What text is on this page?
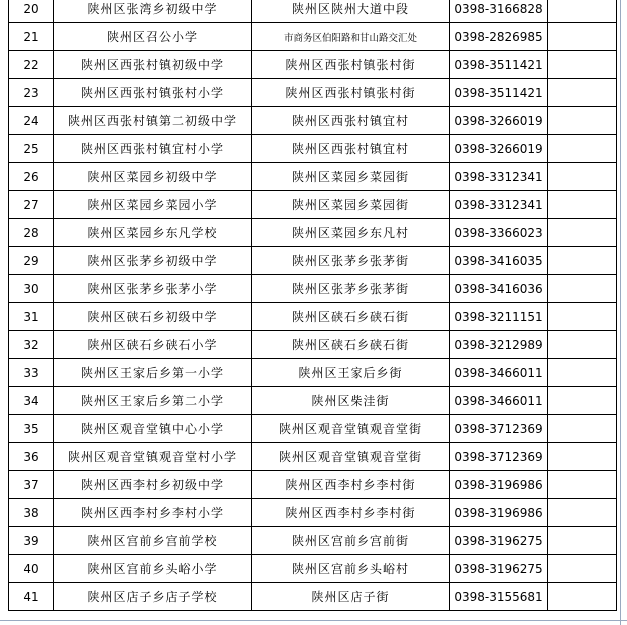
20	陕州区张湾乡初级中学	陕州区陕州大道中段	0398-3166828	
21	陕州区召公小学	市商务区伯阳路和甘山路交汇处	0398-2826985	
22	陕州区西张村镇初级中学	陕州区西张村镇张村街	0398-3511421	
23	陕州区西张村镇张村小学	陕州区西张村镇张村街	0398-3511421	
24	陕州区西张村镇第二初级中学	陕州区西张村镇宜村	0398-3266019	
25	陕州区西张村镇宜村小学	陕州区西张村镇宜村	0398-3266019	
26	陕州区菜园乡初级中学	陕州区菜园乡菜园街	0398-3312341	
27	陕州区菜园乡菜园小学	陕州区菜园乡菜园街	0398-3312341	
28	陕州区菜园乡东凡学校	陕州区菜园乡东凡村	0398-3366023	
29	陕州区张茅乡初级中学	陕州区张茅乡张茅街	0398-3416035	
30	陕州区张茅乡张茅小学	陕州区张茅乡张茅街	0398-3416036	
31	陕州区硖石乡初级中学	陕州区硖石乡硖石街	0398-3211151	
32	陕州区硖石乡硖石小学	陕州区硖石乡硖石街	0398-3212989	
33	陕州区王家后乡第一小学	陕州区王家后乡街	0398-3466011	
34	陕州区王家后乡第二小学	陕州区柴洼街	0398-3466011	
35	陕州区观音堂镇中心小学	陕州区观音堂镇观音堂街	0398-3712369	
36	陕州区观音堂镇观音堂村小学	陕州区观音堂镇观音堂街	0398-3712369	
37	陕州区西李村乡初级中学	陕州区西李村乡李村街	0398-3196986	
38	陕州区西李村乡李村小学	陕州区西李村乡李村街	0398-3196986	
39	陕州区宫前乡宫前学校	陕州区宫前乡宫前街	0398-3196275	
40	陕州区宫前乡头峪小学	陕州区宫前乡头峪村	0398-3196275	
41	陕州区店子乡店子学校	陕州区店子街	0398-3155681	
